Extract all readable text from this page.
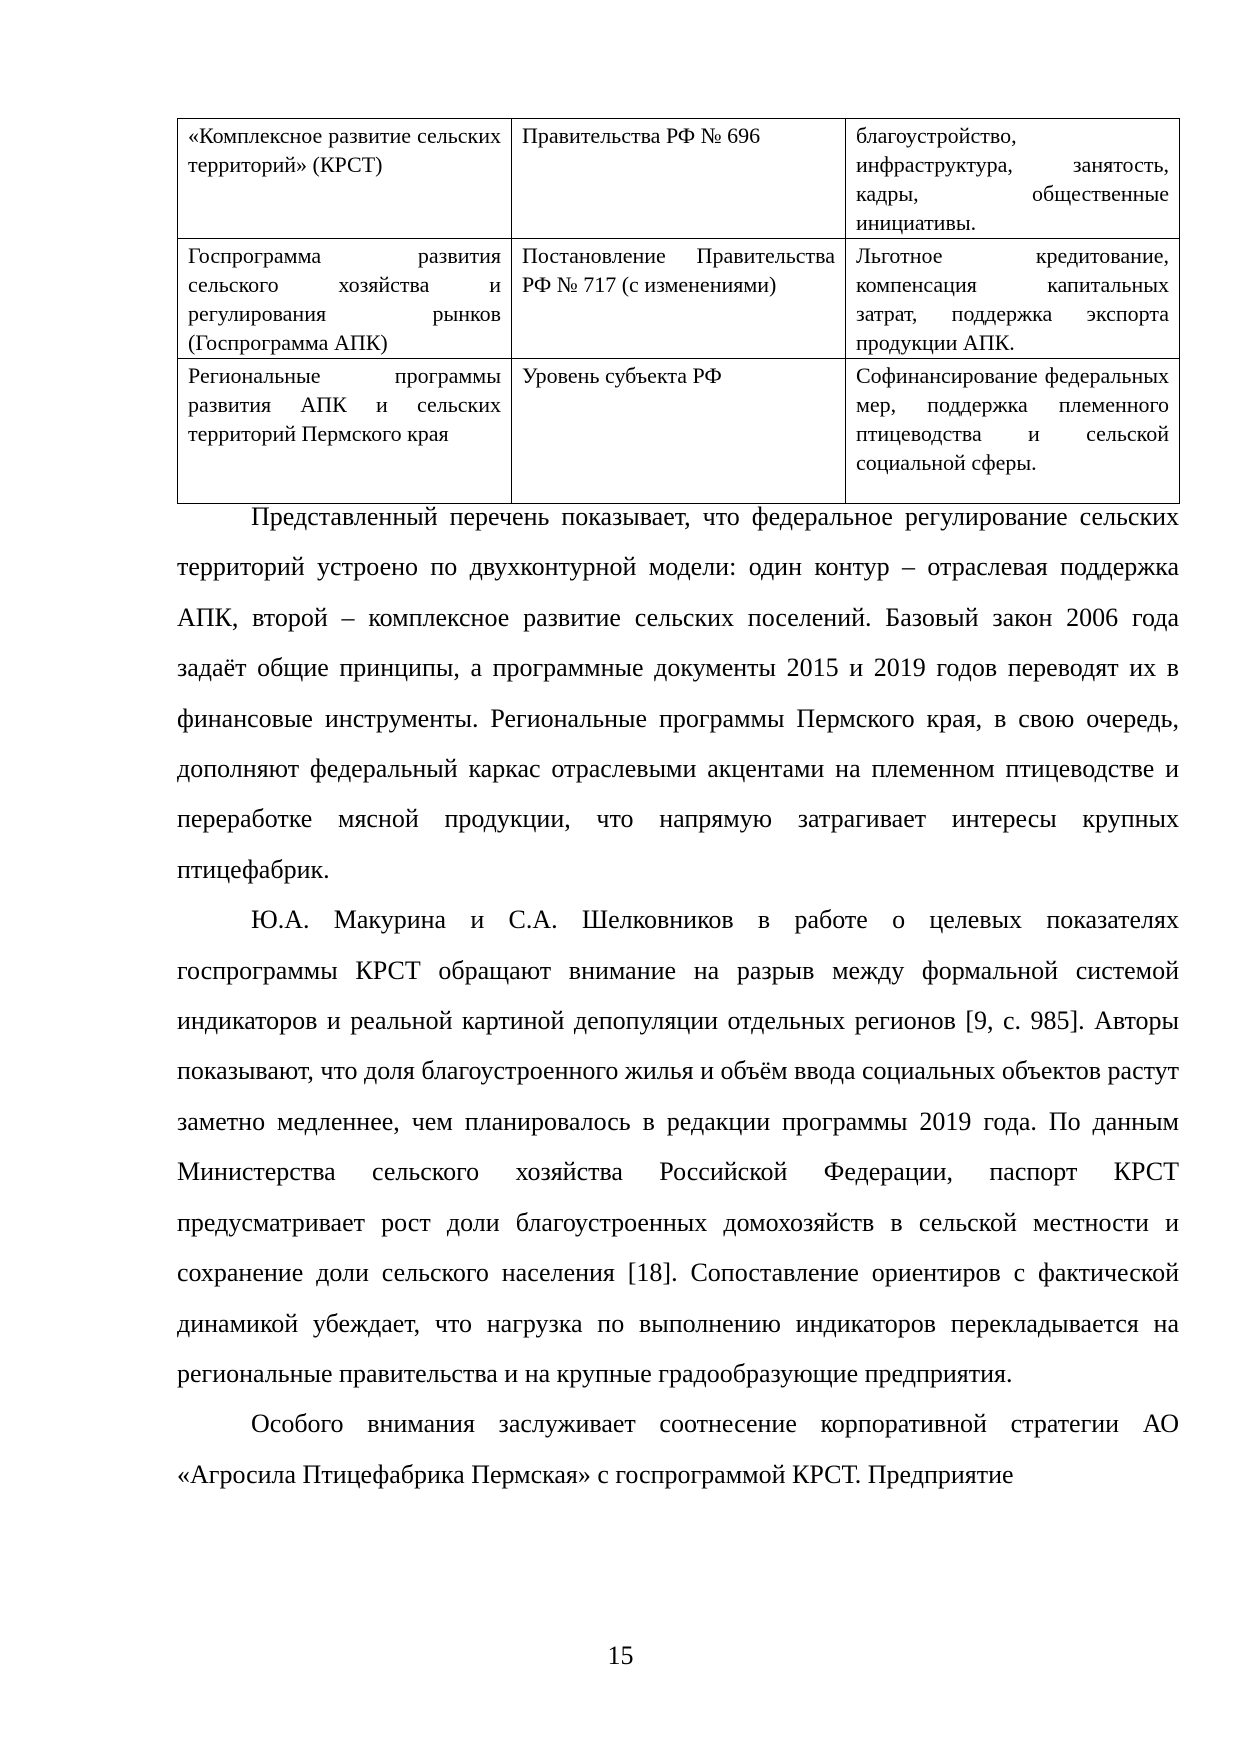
«Комплексное развитие сельских территорий» (КРСТ)	Правительства РФ № 696	благоустройство, инфраструктура, занятость, кадры, общественные инициативы.
Госпрограмма развития сельского хозяйства и регулирования рынков (Госпрограмма АПК)	Постановление Правительства РФ № 717 (с изменениями)	Льготное кредитование, компенсация капитальных затрат, поддержка экспорта продукции АПК.
Региональные программы развития АПК и сельских территорий Пермского края	Уровень субъекта РФ	Софинансирование федеральных мер, поддержка племенного птицеводства и сельской социальной сферы.

Представленный перечень показывает, что федеральное регулирование сельских территорий устроено по двухконтурной модели: один контур – отраслевая поддержка АПК, второй – комплексное развитие сельских поселений. Базовый закон 2006 года задаёт общие принципы, а программные документы 2015 и 2019 годов переводят их в финансовые инструменты. Региональные программы Пермского края, в свою очередь, дополняют федеральный каркас отраслевыми акцентами на племенном птицеводстве и переработке мясной продукции, что напрямую затрагивает интересы крупных птицефабрик.

Ю.А. Макурина и С.А. Шелковников в работе о целевых показателях госпрограммы КРСТ обращают внимание на разрыв между формальной системой индикаторов и реальной картиной депопуляции отдельных регионов [9, с. 985]. Авторы показывают, что доля благоустроенного жилья и объём ввода социальных объектов растут заметно медленнее, чем планировалось в редакции программы 2019 года. По данным Министерства сельского хозяйства Российской Федерации, паспорт КРСТ предусматривает рост доли благоустроенных домохозяйств в сельской местности и сохранение доли сельского населения [18]. Сопоставление ориентиров с фактической динамикой убеждает, что нагрузка по выполнению индикаторов перекладывается на региональные правительства и на крупные градообразующие предприятия.

Особого внимания заслуживает соотнесение корпоративной стратегии АО «Агросила Птицефабрика Пермская» с госпрограммой КРСТ. Предприятие

15
